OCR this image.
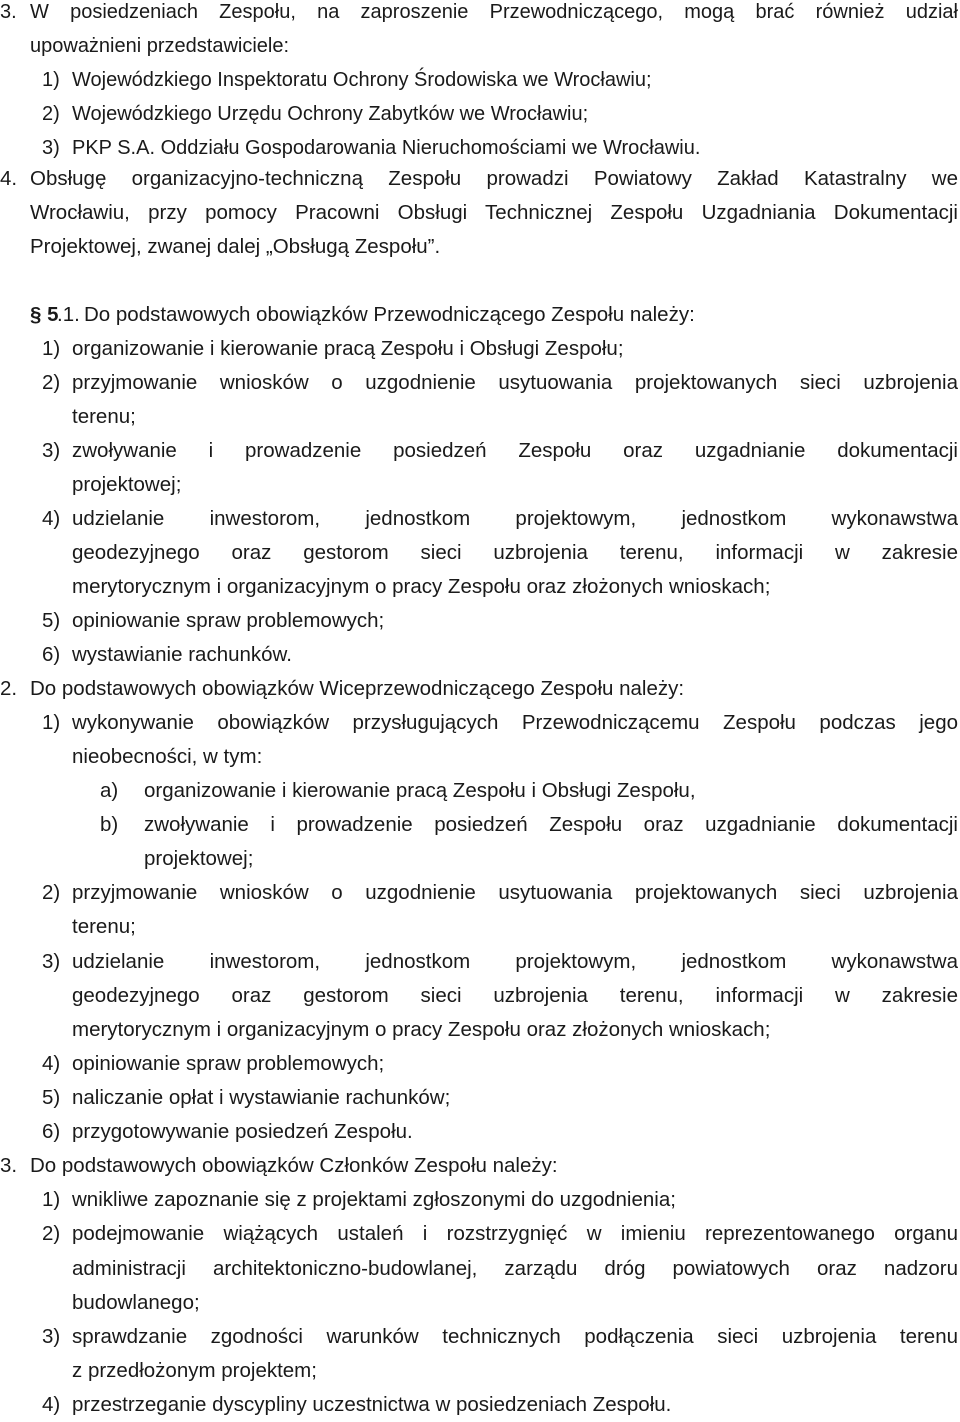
3. W posiedzeniach Zespołu, na zaproszenie Przewodniczącego, mogą brać również udział
upoważnieni przedstawiciele:
1) Wojewódzkiego Inspektoratu Ochrony Środowiska we Wrocławiu;
2) Wojewódzkiego Urzędu Ochrony Zabytków we Wrocławiu;
3) PKP S.A. Oddziału Gospodarowania Nieruchomościami we Wrocławiu.
4. Obsługę organizacyjno-techniczną Zespołu prowadzi Powiatowy Zakład Katastralny we
Wrocławiu, przy pomocy Pracowni Obsługi Technicznej Zespołu Uzgadniania Dokumentacji
Projektowej, zwanej dalej „Obsługą Zespołu”.
§ 5
.1. Do podstawowych obowiązków Przewodniczącego Zespołu należy:
1) organizowanie i kierowanie pracą Zespołu i Obsługi Zespołu;
2) przyjmowanie wniosków o uzgodnienie usytuowania projektowanych sieci uzbrojenia
terenu;
3) zwoływanie i prowadzenie posiedzeń Zespołu oraz uzgadnianie dokumentacji
projektowej;
4) udzielanie inwestorom, jednostkom projektowym, jednostkom wykonawstwa
geodezyjnego oraz gestorom sieci uzbrojenia terenu, informacji w zakresie
merytorycznym i organizacyjnym o pracy Zespołu oraz złożonych wnioskach;
5) opiniowanie spraw problemowych;
6) wystawianie rachunków.
2. Do podstawowych obowiązków Wiceprzewodniczącego Zespołu należy:
1) wykonywanie obowiązków przysługujących Przewodniczącemu Zespołu podczas jego
nieobecności, w tym:
a) organizowanie i kierowanie pracą Zespołu i Obsługi Zespołu,
b) zwoływanie i prowadzenie posiedzeń Zespołu oraz uzgadnianie dokumentacji
projektowej;
2) przyjmowanie wniosków o uzgodnienie usytuowania projektowanych sieci uzbrojenia
terenu;
3) udzielanie inwestorom, jednostkom projektowym, jednostkom wykonawstwa
geodezyjnego oraz gestorom sieci uzbrojenia terenu, informacji w zakresie
merytorycznym i organizacyjnym o pracy Zespołu oraz złożonych wnioskach;
4) opiniowanie spraw problemowych;
5) naliczanie opłat i wystawianie rachunków;
6) przygotowywanie posiedzeń Zespołu.
3. Do podstawowych obowiązków Członków Zespołu należy:
1) wnikliwe zapoznanie się z projektami zgłoszonymi do uzgodnienia;
2) podejmowanie wiążących ustaleń i rozstrzygnięć w imieniu reprezentowanego organu
administracji architektoniczno-budowlanej, zarządu dróg powiatowych oraz nadzoru
budowlanego;
3) sprawdzanie zgodności warunków technicznych podłączenia sieci uzbrojenia terenu
z przedłożonym projektem;
4) przestrzeganie dyscypliny uczestnictwa w posiedzeniach Zespołu.
